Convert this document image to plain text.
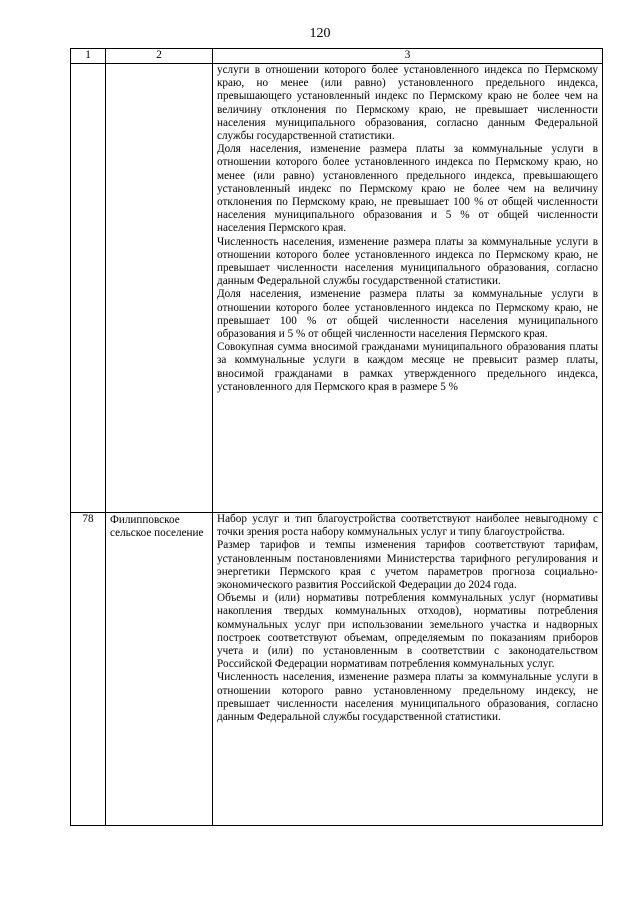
120
1	2	3

		услуги в отношении которого более установленного индекса по Пермскому краю, но менее (или равно) установленного предельного индекса, превышающего установленный индекс по Пермскому краю не более чем на величину отклонения по Пермскому краю, не превышает численности населения муниципального образования, согласно данным Федеральной службы государственной статистики.

Доля населения, изменение размера платы за коммунальные услуги в отношении которого более установленного индекса по Пермскому краю, но менее (или равно) установленного предельного индекса, превышающего установленный индекс по Пермскому краю не более чем на величину отклонения по Пермскому краю, не превышает 100 % от общей численности населения муниципального образования и 5 % от общей численности населения Пермского края.

Численность населения, изменение размера платы за коммунальные услуги в отношении которого более установленного индекса по Пермскому краю, не превышает численности населения муниципального образования, согласно данным Федеральной службы государственной статистики.

Доля населения, изменение размера платы за коммунальные услуги в отношении которого более установленного индекса по Пермскому краю, не превышает 100 % от общей численности населения муниципального образования и 5 % от общей численности населения Пермского края.

Совокупная сумма вносимой гражданами муниципального образования платы за коммунальные услуги в каждом месяце не превысит размер платы, вносимой гражданами в рамках утвержденного предельного индекса, установленного для Пермского края в размере 5 %

78	Филипповское сельское поселение	Набор услуг и тип благоустройства соответствуют наиболее невыгодному с точки зрения роста набору коммунальных услуг и типу благоустройства.

Размер тарифов и темпы изменения тарифов соответствуют тарифам, установленным постановлениями Министерства тарифного регулирования и энергетики Пермского края с учетом параметров прогноза социально-экономического развития Российской Федерации до 2024 года.

Объемы и (или) нормативы потребления коммунальных услуг (нормативы накопления твердых коммунальных отходов), нормативы потребления коммунальных услуг при использовании земельного участка и надворных построек соответствуют объемам, определяемым по показаниям приборов учета и (или) по установленным в соответствии с законодательством Российской Федерации нормативам потребления коммунальных услуг.

Численность населения, изменение размера платы за коммунальные услуги в отношении которого равно установленному предельному индексу, не превышает численности населения муниципального образования, согласно данным Федеральной службы государственной статистики.
